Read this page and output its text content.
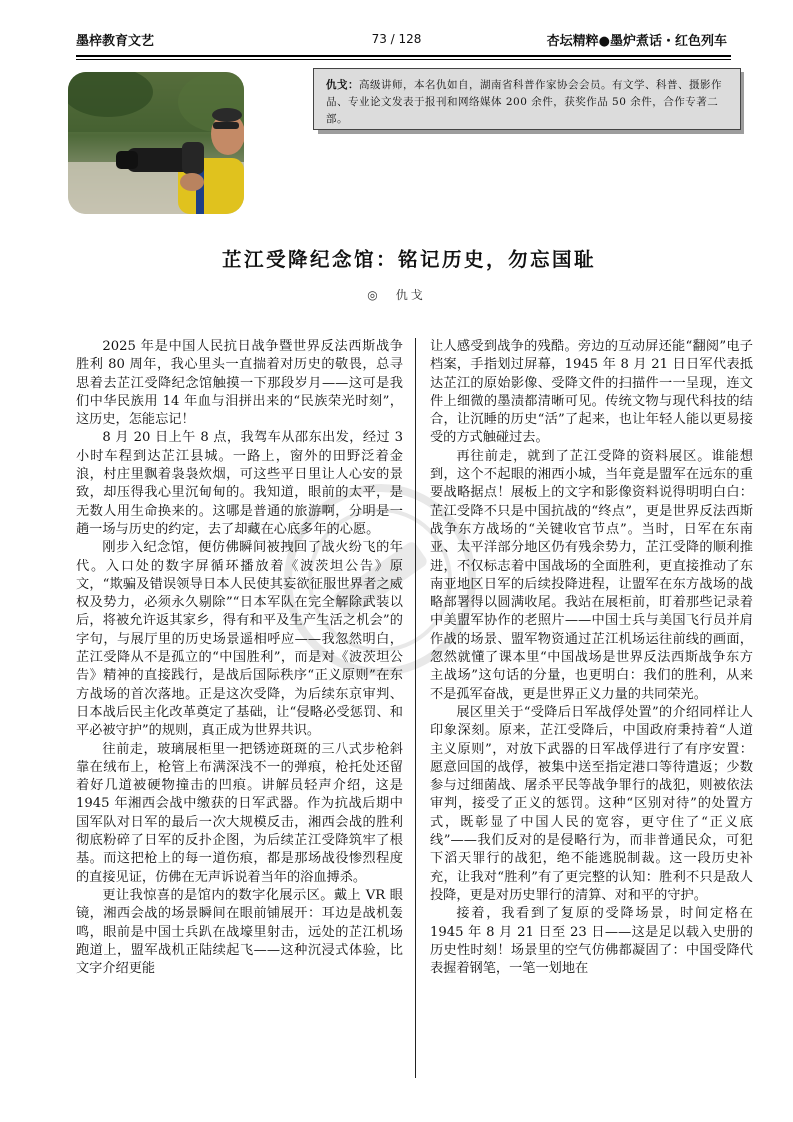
墨梓教育文艺	73 / 128	杏坛精粹●墨炉煮话・红色列车
仇戈：高级讲师，本名仇如自，湖南省科普作家协会会员。有文学、科普、摄影作品、专业论文发表于报刊和网络媒体 200 余件，获奖作品 50 余件，合作专著二部。
芷江受降纪念馆：铭记历史，勿忘国耻
◎　仇戈

2025 年是中国人民抗日战争暨世界反法西斯战争胜利 80 周年，我心里头一直揣着对历史的敬畏，总寻思着去芷江受降纪念馆触摸一下那段岁月——这可是我们中华民族用 14 年血与泪拼出来的“民族荣光时刻”，这历史，怎能忘记！

8 月 20 日上午 8 点，我驾车从邵东出发，经过 3 小时车程到达芷江县城。一路上，窗外的田野泛着金浪，村庄里飘着袅袅炊烟，可这些平日里让人心安的景致，却压得我心里沉甸甸的。我知道，眼前的太平，是无数人用生命换来的。这哪是普通的旅游啊，分明是一趟一场与历史的约定，去了却藏在心底多年的心愿。

刚步入纪念馆，便仿佛瞬间被拽回了战火纷飞的年代。入口处的数字屏循环播放着《波茨坦公告》原文，“欺骗及错误领导日本人民使其妄欲征服世界者之威权及势力，必须永久剔除”“日本军队在完全解除武装以后，将被允许返其家乡，得有和平及生产生活之机会”的字句，与展厅里的历史场景遥相呼应——我忽然明白，芷江受降从不是孤立的“中国胜利”，而是对《波茨坦公告》精神的直接践行，是战后国际秩序“正义原则”在东方战场的首次落地。正是这次受降，为后续东京审判、日本战后民主化改革奠定了基础，让“侵略必受惩罚、和平必被守护”的规则，真正成为世界共识。

往前走，玻璃展柜里一把锈迹斑斑的三八式步枪斜靠在绒布上，枪管上布满深浅不一的弹痕，枪托处还留着好几道被硬物撞击的凹痕。讲解员轻声介绍，这是 1945 年湘西会战中缴获的日军武器。作为抗战后期中国军队对日军的最后一次大规模反击，湘西会战的胜利彻底粉碎了日军的反扑企图，为后续芷江受降筑牢了根基。而这把枪上的每一道伤痕，都是那场战役惨烈程度的直接见证，仿佛在无声诉说着当年的浴血搏杀。

更让我惊喜的是馆内的数字化展示区。戴上 VR 眼镜，湘西会战的场景瞬间在眼前铺展开：耳边是战机轰鸣，眼前是中国士兵趴在战壕里射击，远处的芷江机场跑道上，盟军战机正陆续起飞——这种沉浸式体验，比文字介绍更能

让人感受到战争的残酷。旁边的互动屏还能“翻阅”电子档案，手指划过屏幕，1945 年 8 月 21 日日军代表抵达芷江的原始影像、受降文件的扫描件一一呈现，连文件上细微的墨渍都清晰可见。传统文物与现代科技的结合，让沉睡的历史“活”了起来，也让年轻人能以更易接受的方式触碰过去。

再往前走，就到了芷江受降的资料展区。谁能想到，这个不起眼的湘西小城，当年竟是盟军在远东的重要战略据点！展板上的文字和影像资料说得明明白白：芷江受降不只是中国抗战的“终点”，更是世界反法西斯战争东方战场的“关键收官节点”。当时，日军在东南亚、太平洋部分地区仍有残余势力，芷江受降的顺利推进，不仅标志着中国战场的全面胜利，更直接推动了东南亚地区日军的后续投降进程，让盟军在东方战场的战略部署得以圆满收尾。我站在展柜前，盯着那些记录着中美盟军协作的老照片——中国士兵与美国飞行员并肩作战的场景、盟军物资通过芷江机场运往前线的画面，忽然就懂了课本里“中国战场是世界反法西斯战争东方主战场”这句话的分量，也更明白：我们的胜利，从来不是孤军奋战，更是世界正义力量的共同荣光。

展区里关于“受降后日军战俘处置”的介绍同样让人印象深刻。原来，芷江受降后，中国政府秉持着“人道主义原则”，对放下武器的日军战俘进行了有序安置：愿意回国的战俘，被集中送至指定港口等待遣返；少数参与过细菌战、屠杀平民等战争罪行的战犯，则被依法审判，接受了正义的惩罚。这种“区别对待”的处置方式，既彰显了中国人民的宽容，更守住了“正义底线”——我们反对的是侵略行为，而非普通民众，可犯下滔天罪行的战犯，绝不能逃脱制裁。这一段历史补充，让我对“胜利”有了更完整的认知：胜利不只是敌人投降，更是对历史罪行的清算、对和平的守护。

接着，我看到了复原的受降场景，时间定格在 1945 年 8 月 21 日至 23 日——这是足以载入史册的历史性时刻！场景里的空气仿佛都凝固了：中国受降代表握着钢笔，一笔一划地在
